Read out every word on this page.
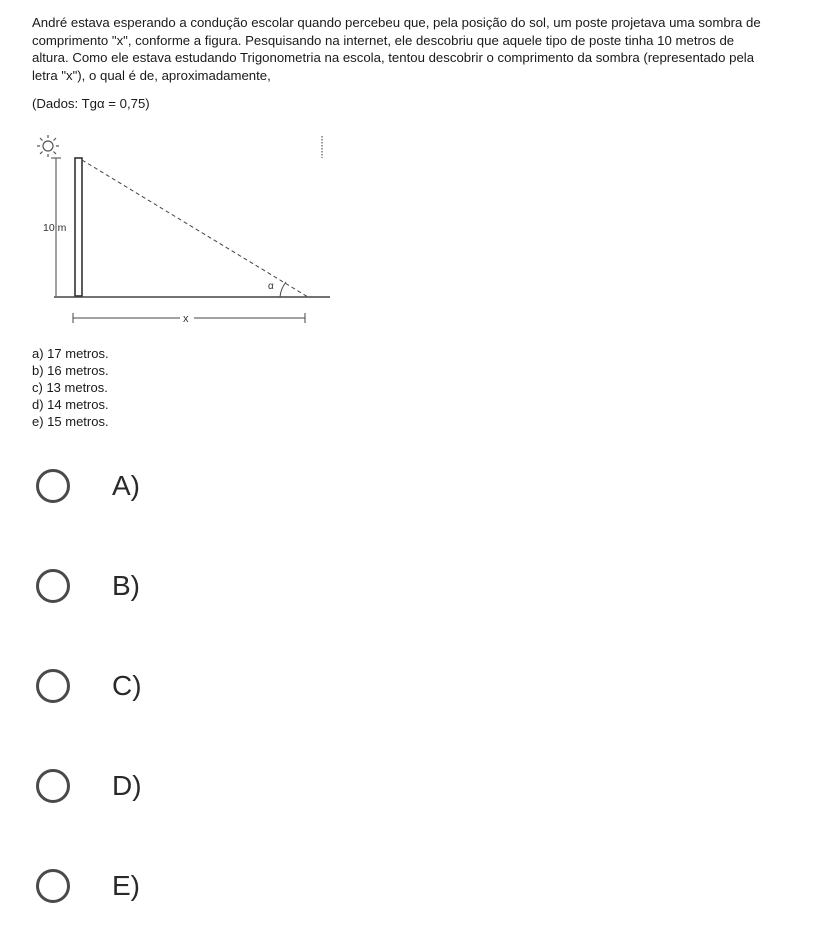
André estava esperando a condução escolar quando percebeu que, pela posição do sol, um poste projetava uma sombra de

comprimento "x", conforme a figura. Pesquisando na internet, ele descobriu que aquele tipo de poste tinha 10 metros de

altura. Como ele estava estudando Trigonometria na escola, tentou descobrir o comprimento da sombra (representado pela

letra "x"), o qual é de, aproximadamente,

(Dados: Tgα = 0,75)
10 m
α
x
a) 17 metros.
b) 16 metros.
c) 13 metros.
d) 14 metros.
e) 15 metros.
A)
B)
C)
D)
E)
